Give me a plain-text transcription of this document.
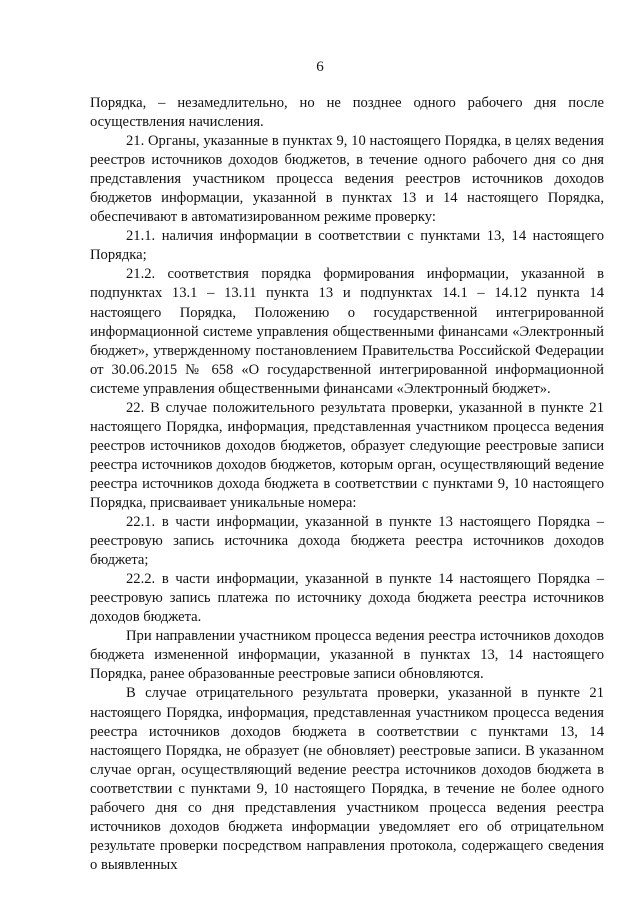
6

Порядка, – незамедлительно, но не позднее одного рабочего дня после осуществления начисления.

21. Органы, указанные в пунктах 9, 10 настоящего Порядка, в целях ведения реестров источников доходов бюджетов, в течение одного рабочего дня со дня представления участником процесса ведения реестров источников доходов бюджетов информации, указанной в пунктах 13 и 14 настоящего Порядка, обеспечивают в автоматизированном режиме проверку:

21.1. наличия информации в соответствии с пунктами 13, 14 настоящего Порядка;

21.2. соответствия порядка формирования информации, указанной в подпунктах 13.1 – 13.11 пункта 13 и подпунктах 14.1 – 14.12 пункта 14 настоящего Порядка, Положению о государственной интегрированной информационной системе управления общественными финансами «Электронный бюджет», утвержденному постановлением Правительства Российской Федерации от 30.06.2015 № 658 «О государственной интегрированной информационной системе управления общественными финансами «Электронный бюджет».

22. В случае положительного результата проверки, указанной в пункте 21 настоящего Порядка, информация, представленная участником процесса ведения реестров источников доходов бюджетов, образует следующие реестровые записи реестра источников доходов бюджетов, которым орган, осуществляющий ведение реестра источников дохода бюджета в соответствии с пунктами 9, 10 настоящего Порядка, присваивает уникальные номера:

22.1. в части информации, указанной в пункте 13 настоящего Порядка – реестровую запись источника дохода бюджета реестра источников доходов бюджета;

22.2. в части информации, указанной в пункте 14 настоящего Порядка – реестровую запись платежа по источнику дохода бюджета реестра источников доходов бюджета.

При направлении участником процесса ведения реестра источников доходов бюджета измененной информации, указанной в пунктах 13, 14 настоящего Порядка, ранее образованные реестровые записи обновляются.

В случае отрицательного результата проверки, указанной в пункте 21 настоящего Порядка, информация, представленная участником процесса ведения реестра источников доходов бюджета в соответствии с пунктами 13, 14 настоящего Порядка, не образует (не обновляет) реестровые записи. В указанном случае орган, осуществляющий ведение реестра источников доходов бюджета в соответствии с пунктами 9, 10 настоящего Порядка, в течение не более одного рабочего дня со дня представления участником процесса ведения реестра источников доходов бюджета информации уведомляет его об отрицательном результате проверки посредством направления протокола, содержащего сведения о выявленных
